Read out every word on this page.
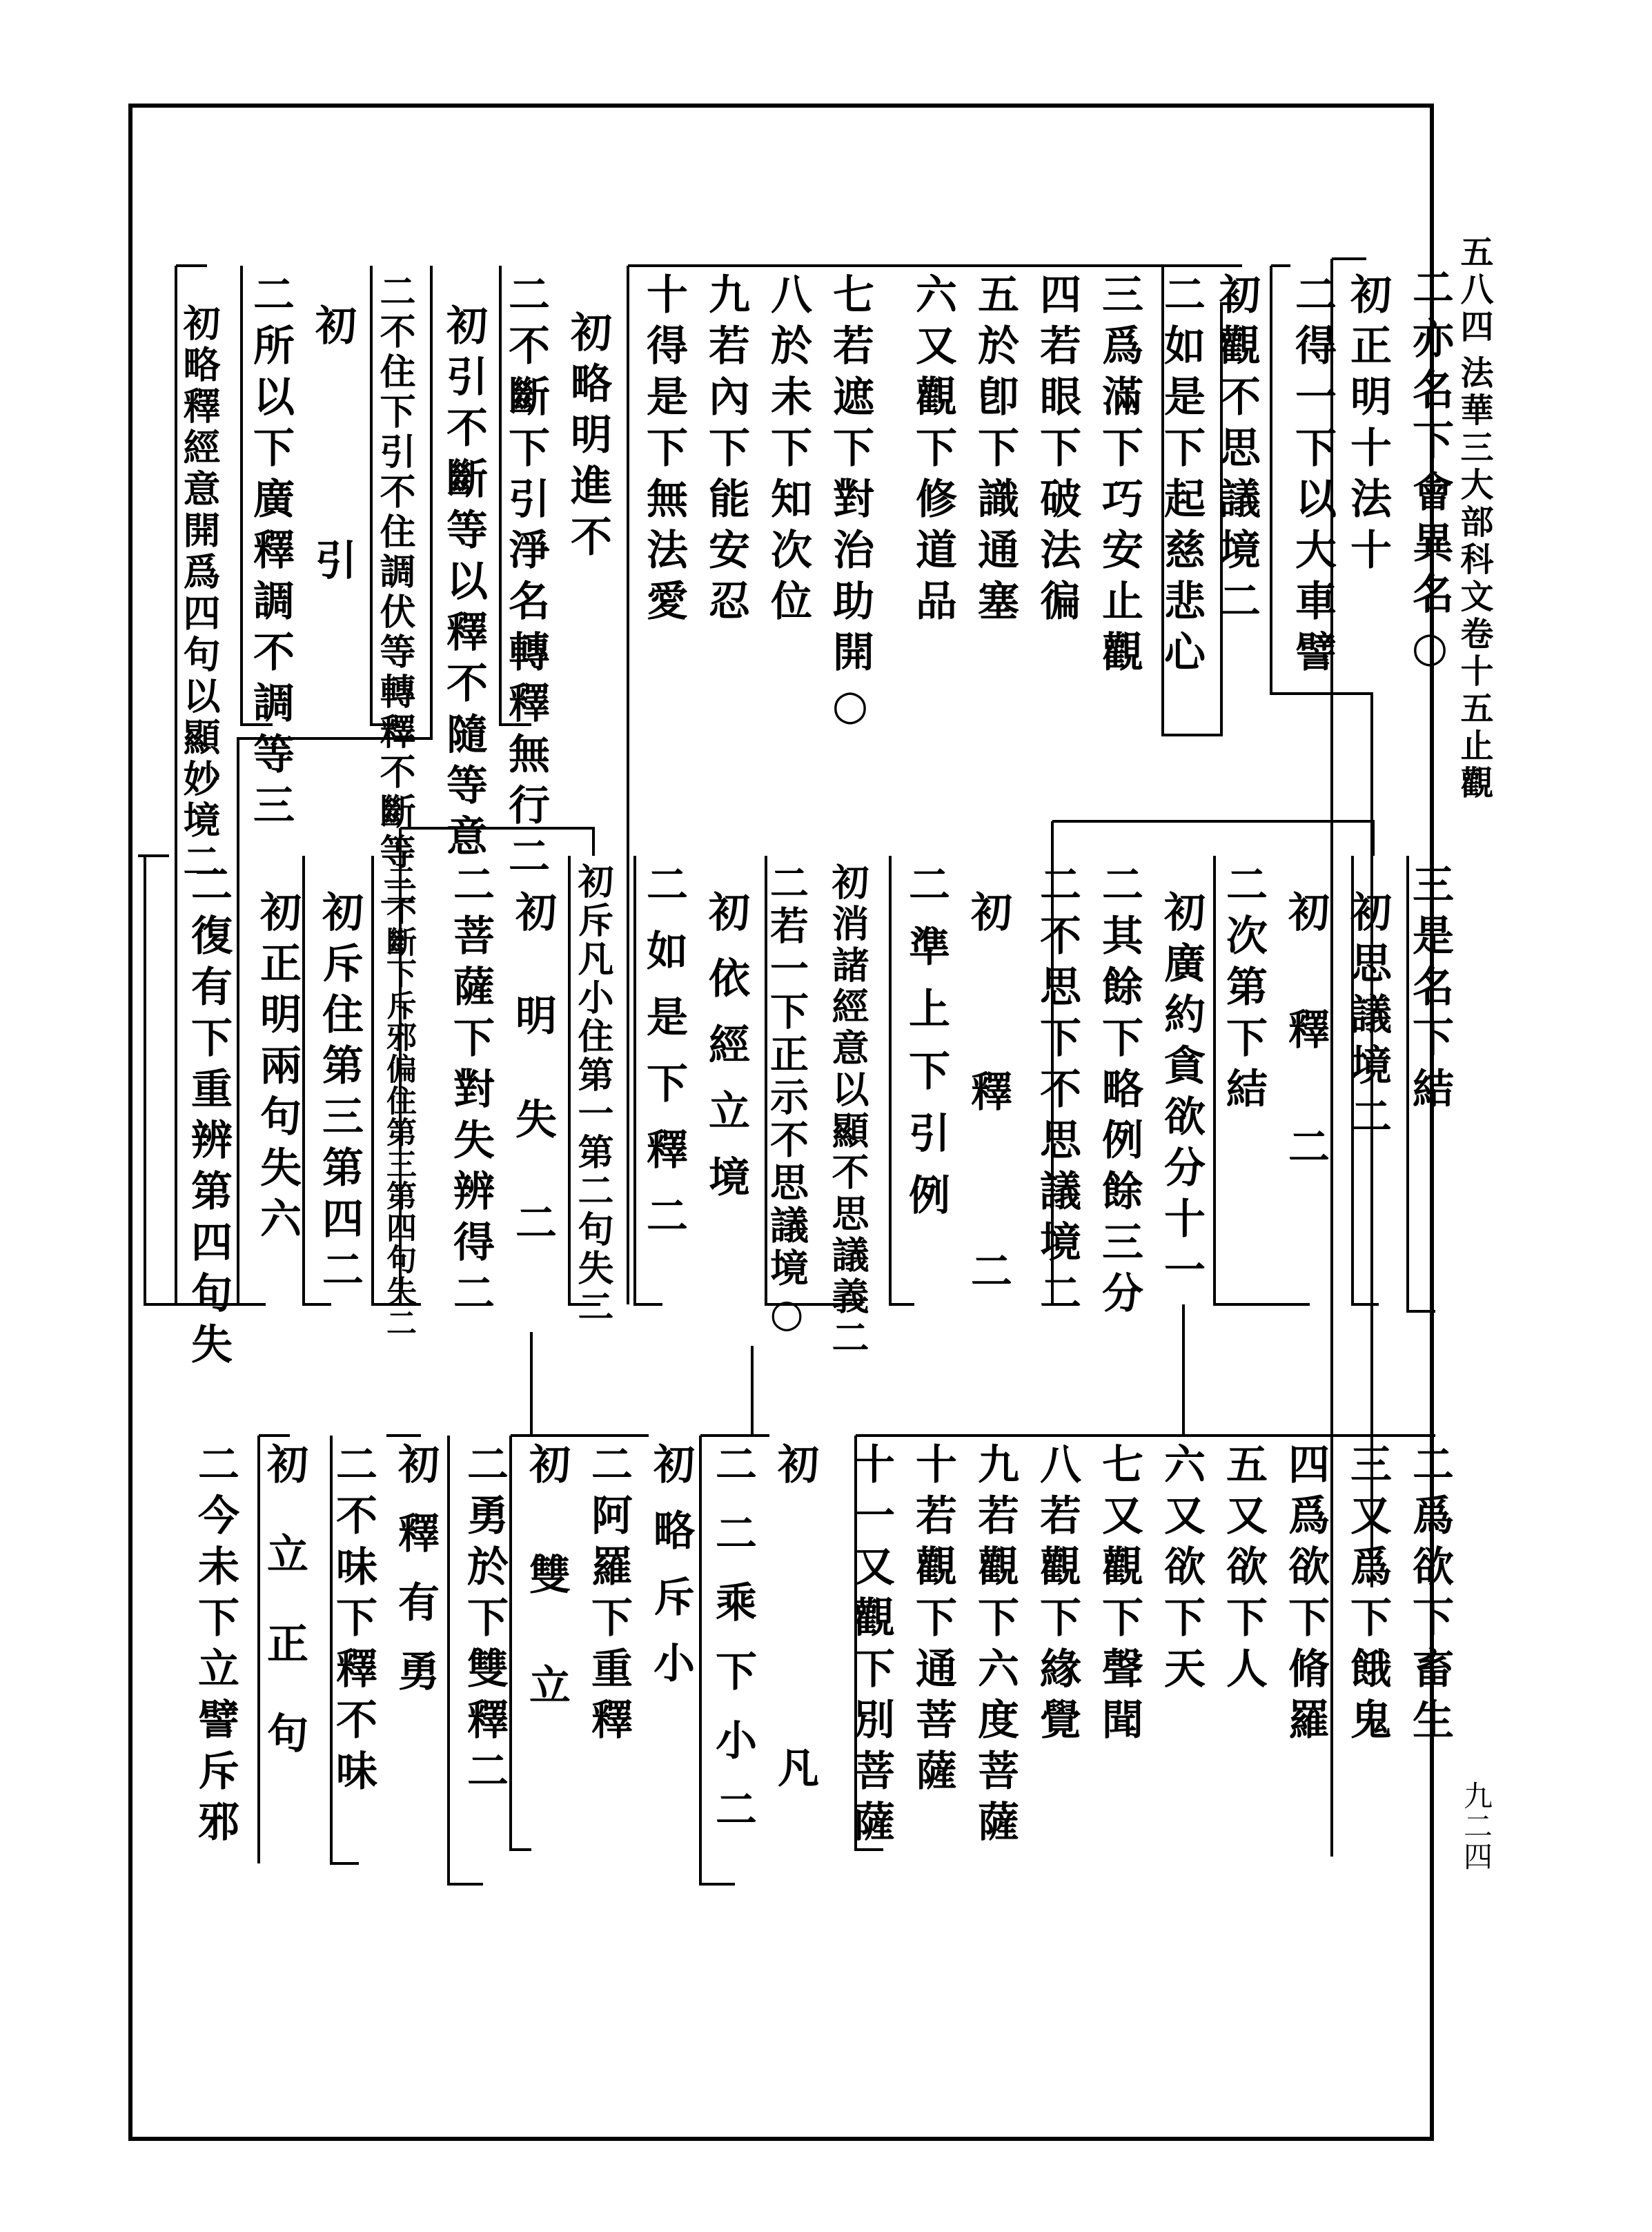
五八四
法華三大部科文卷十五止觀
九二四
二亦名下會異名○
初正明十法十
二得一下以大車譬
初觀不思議境二
二如是下起慈悲心
三爲滿下巧安止觀
四若眼下破法徧
五於卽下識通塞
六又觀下修道品
七若遮下對治助開○
八於未下知次位
九若內下能安忍
十得是下無法愛
初略明進不
二不斷下引淨名轉釋無行二
初引不斷等以釋不隨等意
二不住下引不住調伏等轉釋不斷等二
初引
二所以下廣釋調不調等三
初略釋經意開爲四句以顯妙境二
三是名下結
初思議境二
初釋二
二次第下結
初廣約貪欲分十一
二其餘下略例餘三分
二不思下不思議境二
初釋二
二準上下引例
初消諸經意以顯不思議義二
二若一下正示不思議境○
初依經立境
二如是下釋二
初斥凡小住第一第二句失二
初明失二
二菩薩下對失辨得二
二不斷下斥邪偏住第三第四句失二
初斥住第三第四二
初正明兩句失六
二復有下重辨第四句失
二爲欲下畜生
三又爲下餓鬼
四爲欲下脩羅
五又欲下人
六又欲下天
七又觀下聲聞
八若觀下緣覺
九若觀下六度菩薩
十若觀下通菩薩
十一又觀下別菩薩
初凡
二二乘下小二
初略斥小
二阿羅下重釋
初雙立
二勇於下雙釋二
初釋有勇
二不味下釋不味
初立正句
二今未下立譬斥邪
